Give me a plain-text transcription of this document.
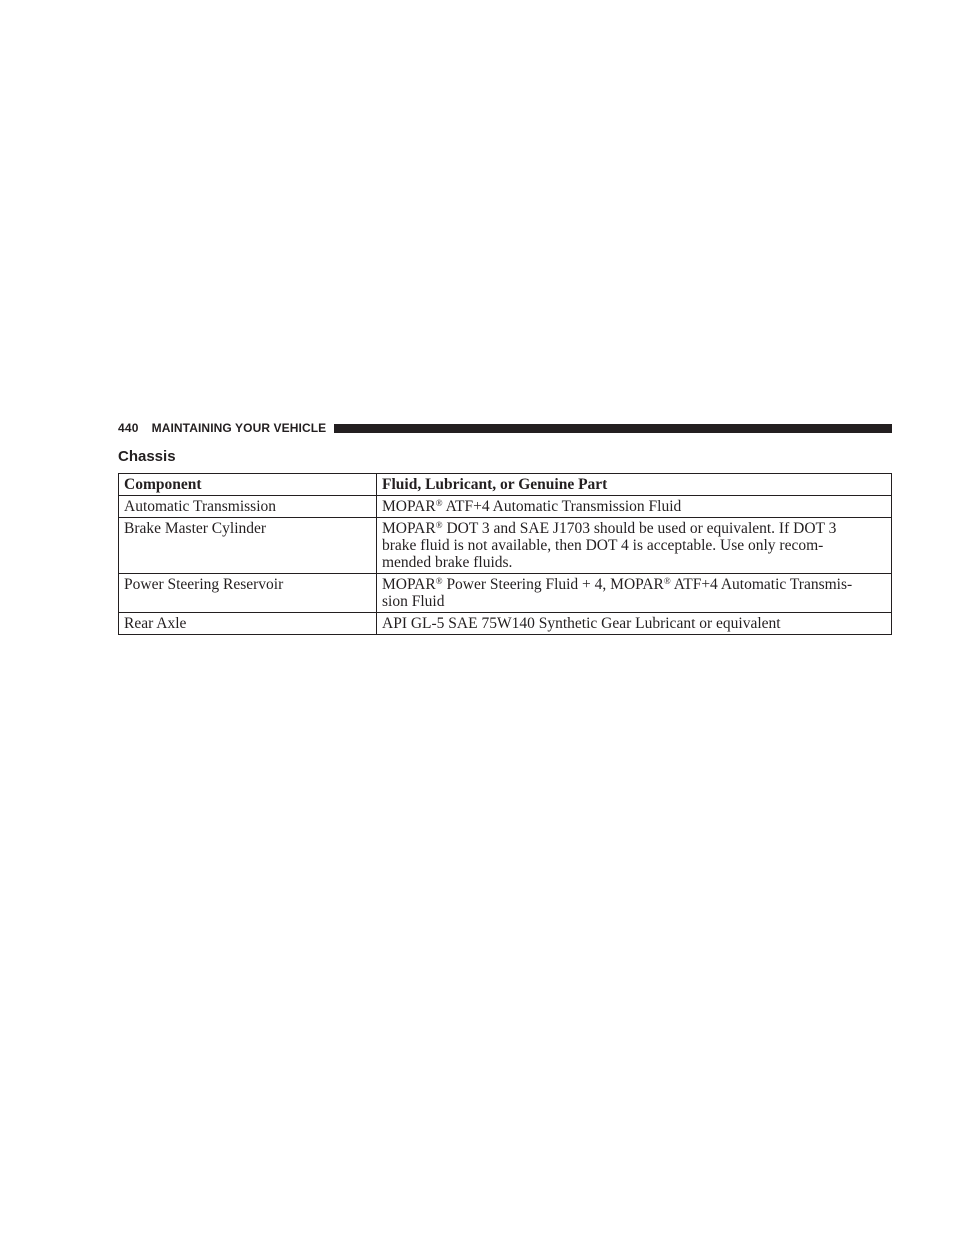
440 MAINTAINING YOUR VEHICLE
Chassis
Component	Fluid, Lubricant, or Genuine Part
Automatic Transmission	MOPAR® ATF+4 Automatic Transmission Fluid
Brake Master Cylinder	MOPAR® DOT 3 and SAE J1703 should be used or equivalent. If DOT 3
brake fluid is not available, then DOT 4 is acceptable. Use only recom-
mended brake fluids.
Power Steering Reservoir	MOPAR® Power Steering Fluid + 4, MOPAR® ATF+4 Automatic Transmis-
sion Fluid
Rear Axle	API GL-5 SAE 75W140 Synthetic Gear Lubricant or equivalent
